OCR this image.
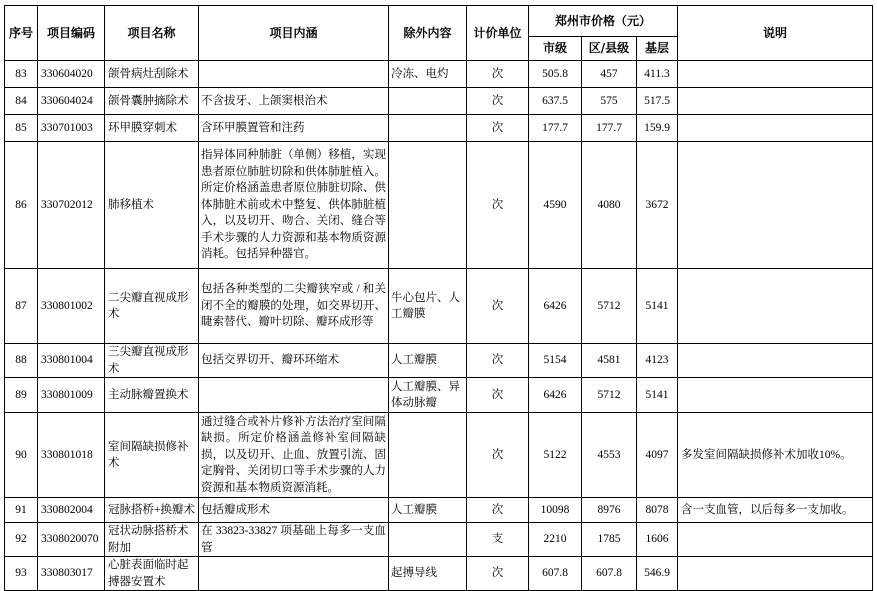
序号	项目编码	项目名称	项目内涵	除外内容	计价单位	郑州市价格（元）			说明
						市级	区/县级	基层	
83	330604020	颌骨病灶刮除术		冷冻、电灼	次	505.8	457	411.3	
84	330604024	颌骨囊肿摘除术	不含拔牙、上颌窦根治术		次	637.5	575	517.5	
85	330701003	环甲膜穿刺术	含环甲膜置管和注药		次	177.7	177.7	159.9	
86	330702012	肺移植术	指异体同种肺脏（单侧）移植，实现患者原位肺脏切除和供体肺脏植入。所定价格涵盖患者原位肺脏切除、供体肺脏术前或术中整复、供体肺脏植入，以及切开、吻合、关闭、缝合等手术步骤的人力资源和基本物质资源消耗。包括异种器官。		次	4590	4080	3672	
87	330801002	二尖瓣直视成形术	包括各种类型的二尖瓣狭窄或 / 和关闭不全的瓣膜的处理，如交界切开、睫索替代、瓣叶切除、瓣环成形等	牛心包片、人工瓣膜	次	6426	5712	5141	
88	330801004	三尖瓣直视成形术	包括交界切开、瓣环环缩术	人工瓣膜	次	5154	4581	4123	
89	330801009	主动脉瓣置换术		人工瓣膜、异体动脉瓣	次	6426	5712	5141	
90	330801018	室间隔缺损修补术	通过缝合或补片修补方法治疗室间隔缺损。所定价格涵盖修补室间隔缺损，以及切开、止血、放置引流、固定胸骨、关闭切口等手术步骤的人力资源和基本物质资源消耗。		次	5122	4553	4097	多发室间隔缺损修补术加收10%。
91	330802004	冠脉搭桥+换瓣术	包括瓣成形术	人工瓣膜	次	10098	8976	8078	含一支血管，以后每多一支加收。
92	3308020070	冠状动脉搭桥术附加	在 33823-33827 项基础上每多一支血管		支	2210	1785	1606	
93	330803017	心脏表面临时起搏器安置术		起搏导线	次	607.8	607.8	546.9	
